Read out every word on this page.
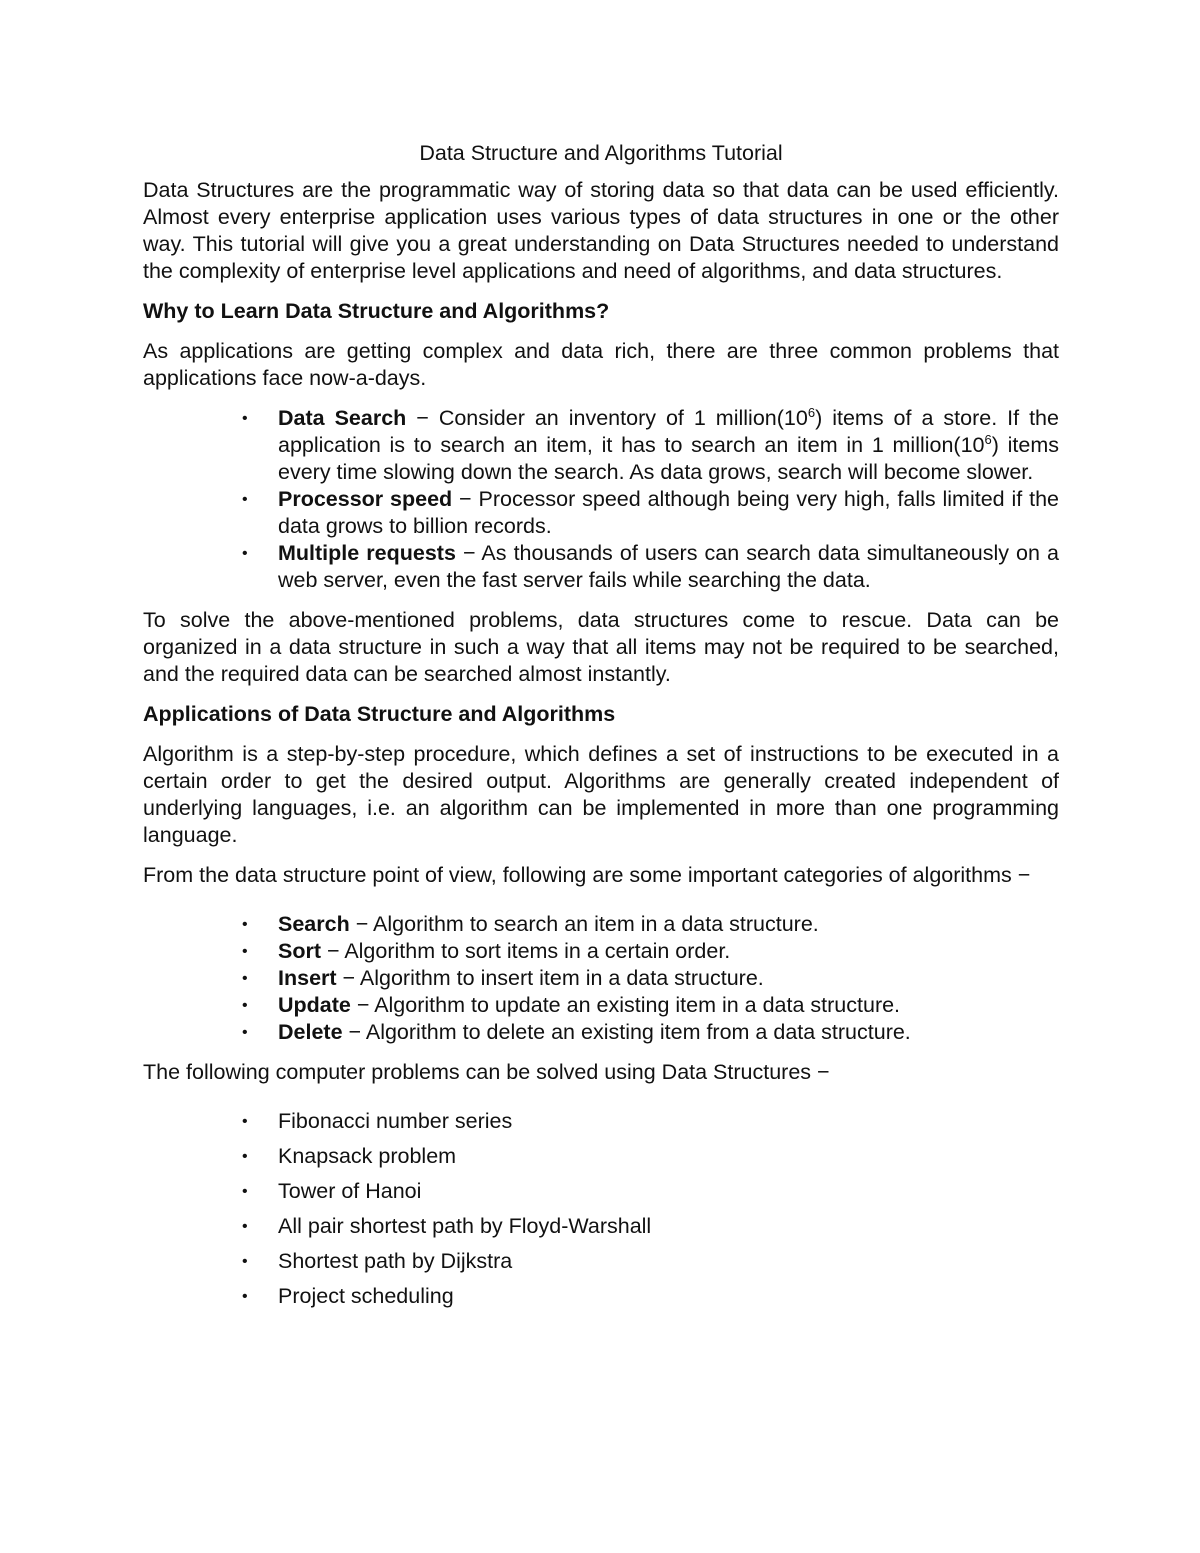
Data Structure and Algorithms Tutorial

Data Structures are the programmatic way of storing data so that data can be used efficiently. Almost every enterprise application uses various types of data structures in one or the other way. This tutorial will give you a great understanding on Data Structures needed to understand the complexity of enterprise level applications and need of algorithms, and data structures.

Why to Learn Data Structure and Algorithms?

As applications are getting complex and data rich, there are three common problems that applications face now-a-days.

• Data Search − Consider an inventory of 1 $million(10^6)$ items of a store. If the application is to search an item, it has to search an item in 1 $million(10^6)$ items every time slowing down the search. As data grows, search will become slower.
• Processor speed − Processor speed although being very high, falls limited if the data grows to billion records.
• Multiple requests − As thousands of users can search data simultaneously on a web server, even the fast server fails while searching the data.

To solve the above-mentioned problems, data structures come to rescue. Data can be organized in a data structure in such a way that all items may not be required to be searched, and the required data can be searched almost instantly.

Applications of Data Structure and Algorithms

Algorithm is a step-by-step procedure, which defines a set of instructions to be executed in a certain order to get the desired output. Algorithms are generally created independent of underlying languages, i.e. an algorithm can be implemented in more than one programming language.

From the data structure point of view, following are some important categories of algorithms −

• Search − Algorithm to search an item in a data structure.
• Sort − Algorithm to sort items in a certain order.
• Insert − Algorithm to insert item in a data structure.
• Update − Algorithm to update an existing item in a data structure.
• Delete − Algorithm to delete an existing item from a data structure.

The following computer problems can be solved using Data Structures −

• Fibonacci number series
• Knapsack problem
• Tower of Hanoi
• All pair shortest path by Floyd-Warshall
• Shortest path by Dijkstra
• Project scheduling
